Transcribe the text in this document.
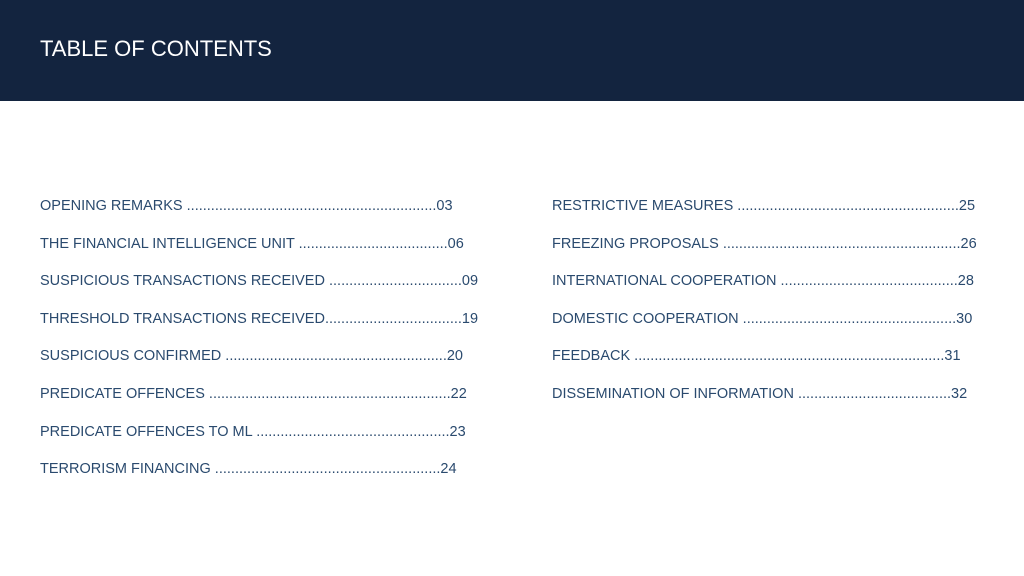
TABLE OF CONTENTS
OPENING REMARKS ..............................................................03
THE FINANCIAL INTELLIGENCE UNIT .....................................06
SUSPICIOUS TRANSACTIONS RECEIVED .................................09
THRESHOLD TRANSACTIONS RECEIVED..................................19
SUSPICIOUS CONFIRMED .......................................................20
PREDICATE OFFENCES ............................................................22
PREDICATE OFFENCES TO ML ................................................23
TERRORISM FINANCING ........................................................24
RESTRICTIVE MEASURES .......................................................25
FREEZING PROPOSALS ...........................................................26
INTERNATIONAL COOPERATION ............................................28
DOMESTIC COOPERATION .....................................................30
FEEDBACK .............................................................................31
DISSEMINATION OF INFORMATION ......................................32
